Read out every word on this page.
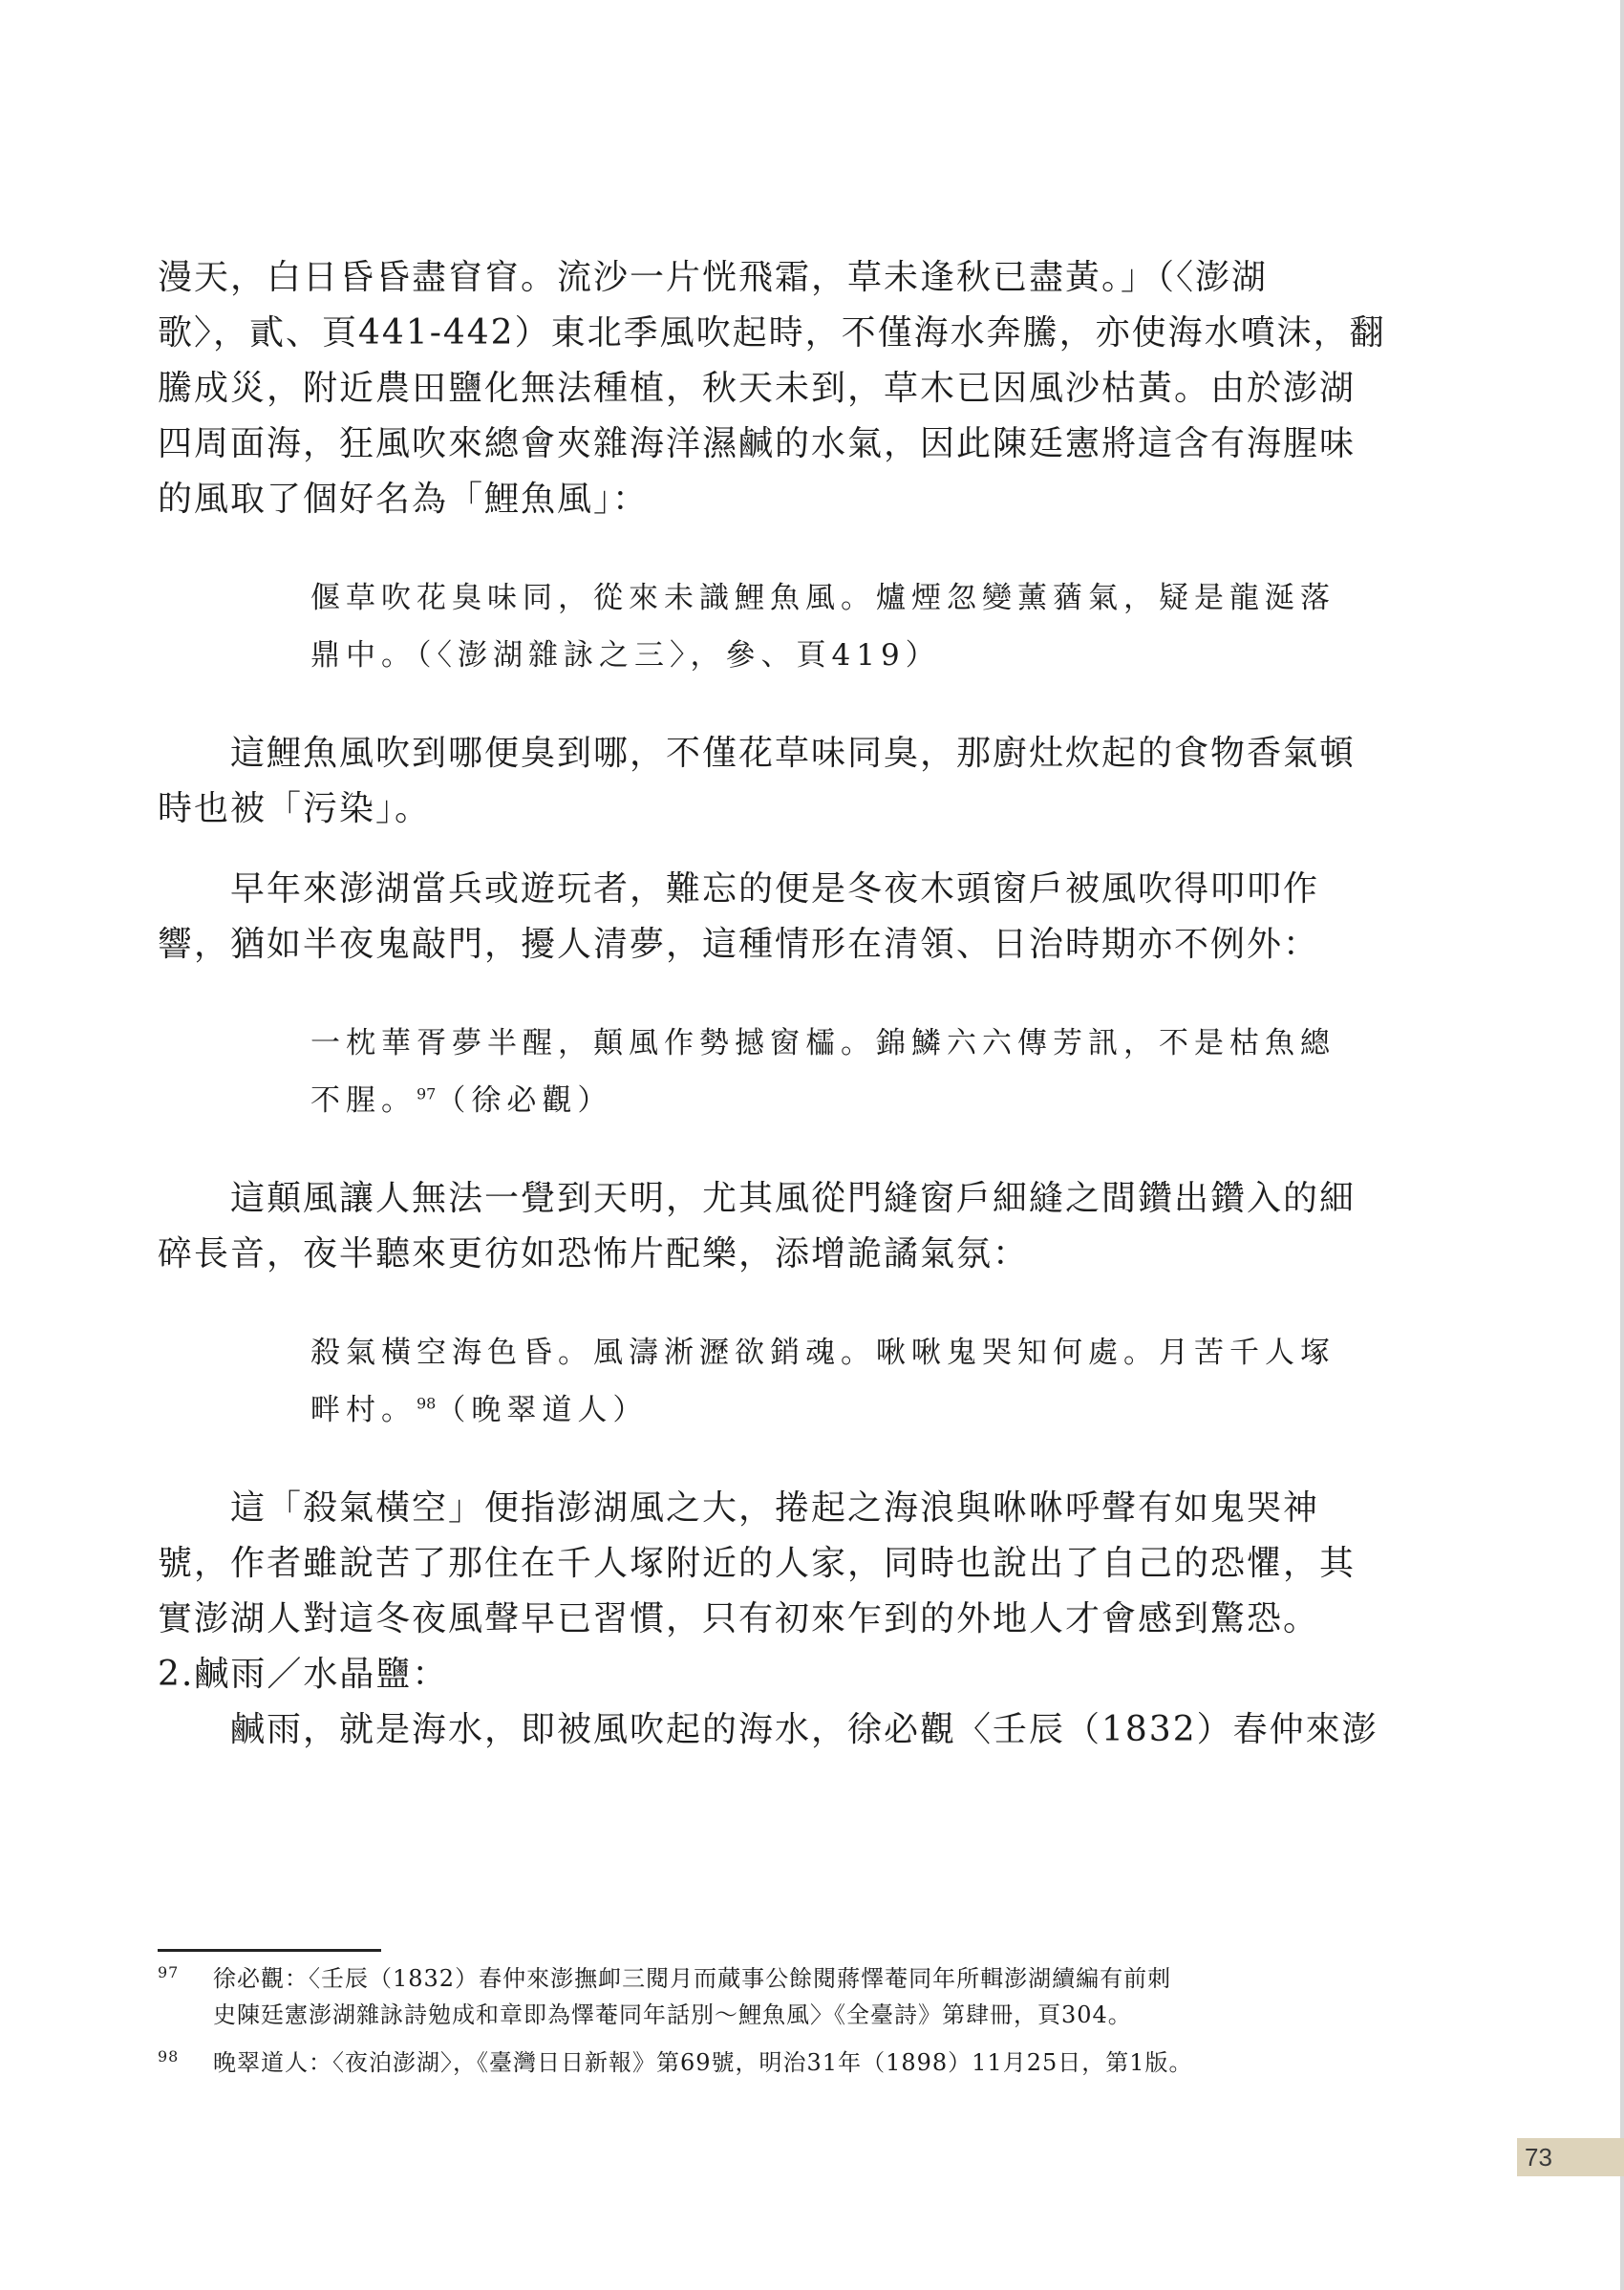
漫天，白日昏昏盡窅窅。流沙一片恍飛霜，草未逢秋已盡黃。」（〈澎湖
歌〉，貳、頁441-442）東北季風吹起時，不僅海水奔騰，亦使海水噴沫，翻
騰成災，附近農田鹽化無法種植，秋天未到，草木已因風沙枯黃。由於澎湖
四周面海，狂風吹來總會夾雜海洋濕鹹的水氣，因此陳廷憲將這含有海腥味
的風取了個好名為「鯉魚風」：
偃草吹花臭味同，從來未識鯉魚風。爐煙忽變薰蕕氣，疑是龍涎落
鼎中。（〈澎湖雜詠之三〉，參、頁419）
這鯉魚風吹到哪便臭到哪，不僅花草味同臭，那廚灶炊起的食物香氣頓
時也被「污染」。
早年來澎湖當兵或遊玩者，難忘的便是冬夜木頭窗戶被風吹得叩叩作
響，猶如半夜鬼敲門，擾人清夢，這種情形在清領、日治時期亦不例外：
一枕華胥夢半醒，顛風作勢撼窗櫺。錦鱗六六傳芳訊，不是枯魚總
不腥。$^{97}$（徐必觀）
這顛風讓人無法一覺到天明，尤其風從門縫窗戶細縫之間鑽出鑽入的細
碎長音，夜半聽來更彷如恐怖片配樂，添增詭譎氣氛：
殺氣橫空海色昏。風濤淅瀝欲銷魂。啾啾鬼哭知何處。月苦千人塚
畔村。$^{98}$（晚翠道人）
這「殺氣橫空」便指澎湖風之大，捲起之海浪與咻咻呼聲有如鬼哭神
號，作者雖說苦了那住在千人塚附近的人家，同時也說出了自己的恐懼，其
實澎湖人對這冬夜風聲早已習慣，只有初來乍到的外地人才會感到驚恐。
2.鹹雨／水晶鹽：
鹹雨，就是海水，即被風吹起的海水，徐必觀〈壬辰（1832）春仲來澎
97	徐必觀：〈壬辰（1832）春仲來澎撫卹三閱月而蕆事公餘閱蔣懌菴同年所輯澎湖續編有前刺
史陳廷憲澎湖雜詠詩勉成和章即為懌菴同年話別～鯉魚風〉《全臺詩》第肆冊，頁304。
98	晚翠道人：〈夜泊澎湖〉，《臺灣日日新報》第69號，明治31年（1898）11月25日，第1版。
73
